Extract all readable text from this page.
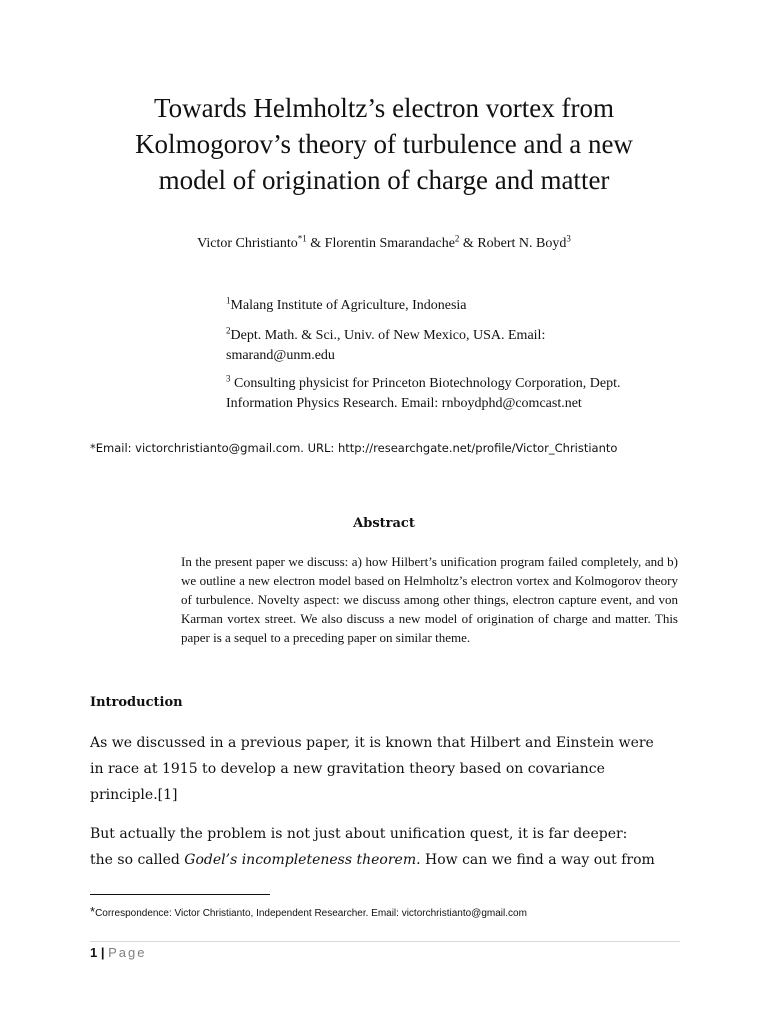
Towards Helmholtz’s electron vortex from
Kolmogorov’s theory of turbulence and a new
model of origination of charge and matter
Victor Christianto$^{*1}$ & Florentin Smarandache$^2$ & Robert N. Boyd$^3$
$^1$Malang Institute of Agriculture, Indonesia
$^2$Dept. Math. & Sci., Univ. of New Mexico, USA. Email:
smarand@unm.edu
$^3$ Consulting physicist for Princeton Biotechnology Corporation, Dept.
Information Physics Research. Email: rnboydphd@comcast.net
*Email: victorchristianto@gmail.com. URL: http://researchgate.net/profile/Victor_Christianto
Abstract
In the present paper we discuss: a) how Hilbert’s unification program failed completely, and b) we outline a new electron model based on Helmholtz’s electron vortex and Kolmogorov theory of turbulence. Novelty aspect: we discuss among other things, electron capture event, and von Karman vortex street. We also discuss a new model of origination of charge and matter. This paper is a sequel to a preceding paper on similar theme.
Introduction
As we discussed in a previous paper, it is known that Hilbert and Einstein were
in race at 1915 to develop a new gravitation theory based on covariance
principle.[1]
But actually the problem is not just about unification quest, it is far deeper:
the so called Godel’s incompleteness theorem. How can we find a way out from
*Correspondence: Victor Christianto, Independent Researcher. Email: victorchristianto@gmail.com
1 | Page
